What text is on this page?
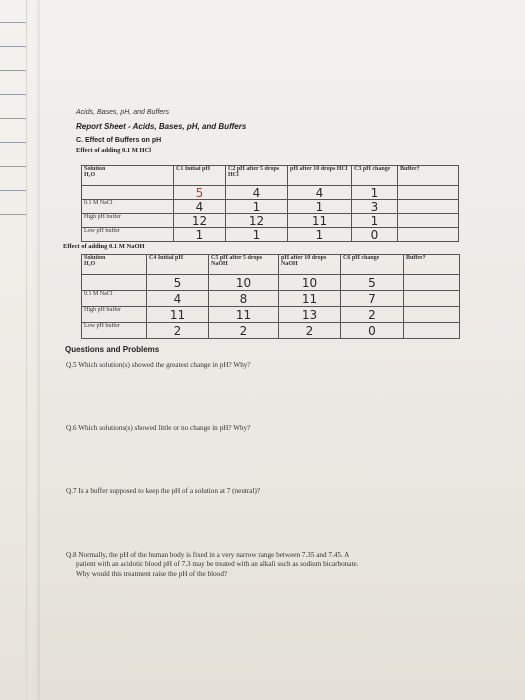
Acids, Bases, pH, and Buffers
Report Sheet - Acids, Bases, pH, and Buffers
C. Effect of Buffers on pH
Effect of adding 0.1 M HCl
Solution
H₂O	C1 Initial pH	C2 pH after 5 drops HCl	pH after 10 drops HCl	C3 pH change	Buffer?
	5	4	4	1	
0.1 M NaCl	4	1	1	3	
High pH buffer	12	12	11	1	
Low pH buffer	1	1	1	0	
Effect of adding 0.1 M NaOH
Solution
H₂O	C4 Initial pH	C5 pH after 5 drops NaOH	pH after 10 drops NaOH	C6 pH change	Buffer?
	5	10	10	5	
0.1 M NaCl	4	8	11	7	
High pH buffer	11	11	13	2	
Low pH buffer	2	2	2	0	
Questions and Problems
Q.5 Which solution(s) showed the greatest change in pH? Why?
Q.6 Which solutions(s) showed little or no change in pH? Why?
Q.7 Is a buffer supposed to keep the pH of a solution at 7 (neutral)?
Q.8 Normally, the pH of the human body is fixed in a very narrow range between 7.35 and 7.45. A
patient with an acidotic blood pH of 7.3 may be treated with an alkali such as sodium bicarbonate.
Why would this treatment raise the pH of the blood?
